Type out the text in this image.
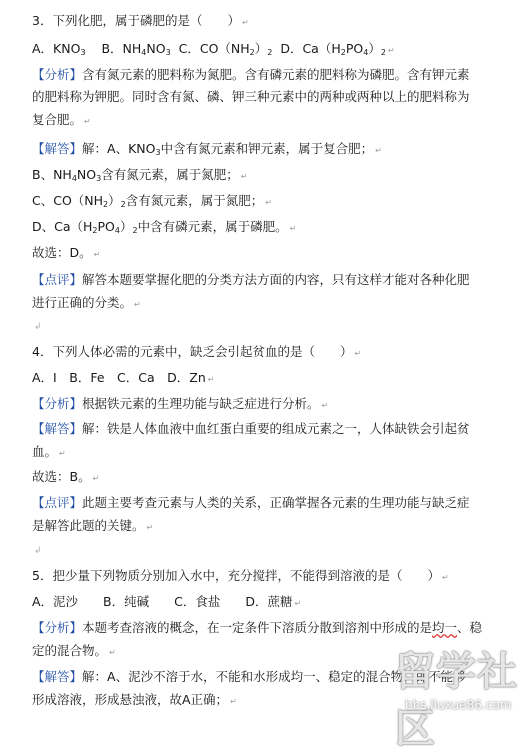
3．下列化肥，属于磷肥的是（　　） ↵
A．$KNO_3$ B．$NH_4NO_3$ C．$CO(NH_2)_2$ D．$Ca(H_2PO_4)_2$ ↵
【分析】含有氮元素的肥料称为氮肥。含有磷元素的肥料称为磷肥。含有钾元素
的肥料称为钾肥。同时含有氮、磷、钾三种元素中的两种或两种以上的肥料称为
复合肥。 ↵
【解答】解：A、$KNO_3$中含有氮元素和钾元素，属于复合肥； ↵
B、$NH_4NO_3$含有氮元素，属于氮肥； ↵
C、$CO(NH_2)_2$含有氮元素，属于氮肥； ↵
D、$Ca(H_2PO_4)_2$中含有磷元素，属于磷肥。 ↵
故选：D。 ↵
【点评】解答本题要掌握化肥的分类方法方面的内容，只有这样才能对各种化肥
进行正确的分类。 ↵
↲
4．下列人体必需的元素中，缺乏会引起贫血的是（　　） ↵
A．I　B．Fe　C．Ca　D．Zn ↵
【分析】根据铁元素的生理功能与缺乏症进行分析。 ↵
【解答】解：铁是人体血液中血红蛋白重要的组成元素之一，人体缺铁会引起贫
血。 ↵
故选：B。 ↵
【点评】此题主要考查元素与人类的关系，正确掌握各元素的生理功能与缺乏症
是解答此题的关键。 ↵
↲
5．把少量下列物质分别加入水中，充分搅拌，不能得到溶液的是（　　） ↵
A．泥沙　　B．纯碱　　C．食盐　　D．蔗糖 ↵
【分析】本题考查溶液的概念，在一定条件下溶质分散到溶剂中形成的是均一、稳
定的混合物。 ↵
【解答】解：A、泥沙不溶于水，不能和水形成均一、稳定的混合物，即不能够
形成溶液，形成悬浊液，故A正确； ↵
留学社区
bbs.liuxue86.com
